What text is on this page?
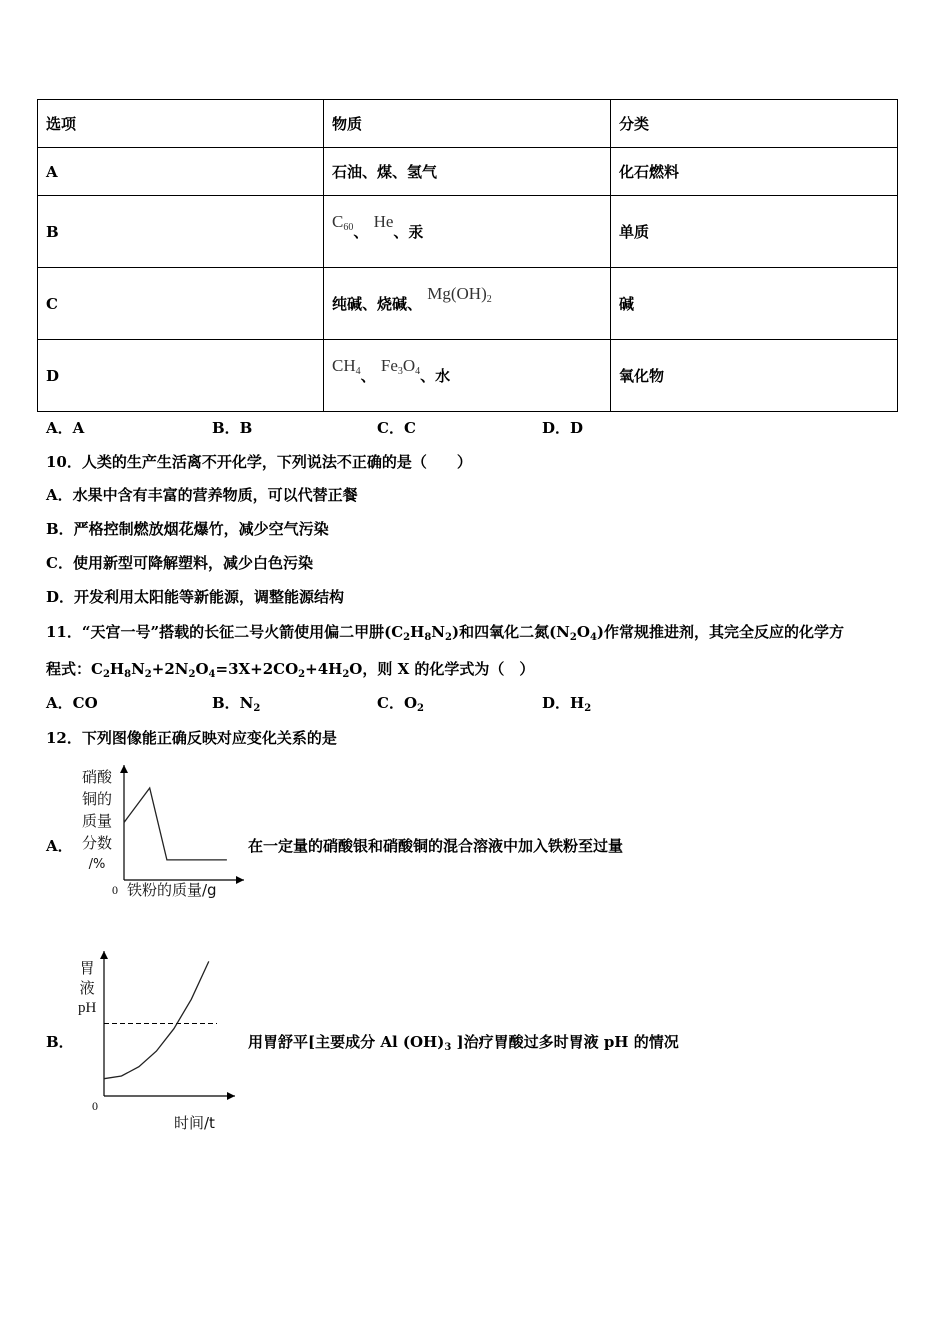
选项	物质	分类
A	石油、煤、氢气	化石燃料
B	$C_{60}$、 He、汞	单质
C	纯碱、烧碱、 $Mg(OH)_2$	碱
D	$CH_4$、 $Fe_3O_4$、水	氧化物
A．A	B．B	C．C	D．D
10．人类的生产生活离不开化学，下列说法不正确的是（　　）
A．水果中含有丰富的营养物质，可以代替正餐
B．严格控制燃放烟花爆竹，减少空气污染
C．使用新型可降解塑料，减少白色污染
D．开发利用太阳能等新能源，调整能源结构
11．“天宫一号”搭载的长征二号火箭使用偏二甲肼$(C_2H_8N_2)$和四氧化二氮$(N_2O_4)$作常规推进剂，其完全反应的化学方
程式：$C_2H_8N_2+2N_2O_4=3X+2CO_2+4H_2O$，则 X 的化学式为（　）
A．CO	B．$N_2$	C．$O_2$	D．$H_2$
12．下列图像能正确反映对应变化关系的是
A．	在一定量的硝酸银和硝酸铜的混合溶液中加入铁粉至过量
硝酸
铜的
质量
分数
/%
0 铁粉的质量/g
B．	用胃舒平[主要成分 Al $(OH)_3$ ]治疗胃酸过多时胃液 pH 的情况
胃
液
pH
0
时间/t
